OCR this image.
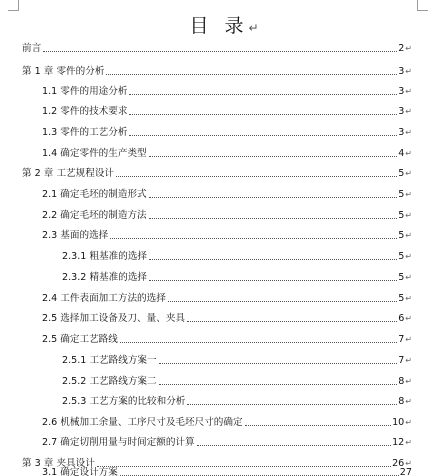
目 录↵
前言	2 ↵
第 1 章 零件的分析	3 ↵
1.1 零件的用途分析	3 ↵
1.2 零件的技术要求	3 ↵
1.3 零件的工艺分析	3 ↵
1.4 确定零件的生产类型	4 ↵
第 2 章 工艺规程设计	5 ↵
2.1 确定毛坯的制造形式	5 ↵
2.2 确定毛坯的制造方法	5 ↵
2.3 基面的选择	5 ↵
2.3.1 粗基准的选择	5 ↵
2.3.2 精基准的选择	5 ↵
2.4 工件表面加工方法的选择	5 ↵
2.5 选择加工设备及刀、量、夹具	6 ↵
2.5 确定工艺路线	7 ↵
2.5.1 工艺路线方案一	7 ↵
2.5.2 工艺路线方案二	8 ↵
2.5.3 工艺方案的比较和分析	8 ↵
2.6 机械加工余量、工序尺寸及毛坯尺寸的确定	10 ↵
2.7 确定切削用量与时间定额的计算	12 ↵
第 3 章 夹具设计	26 ↵
3.1 确定设计方案	27
